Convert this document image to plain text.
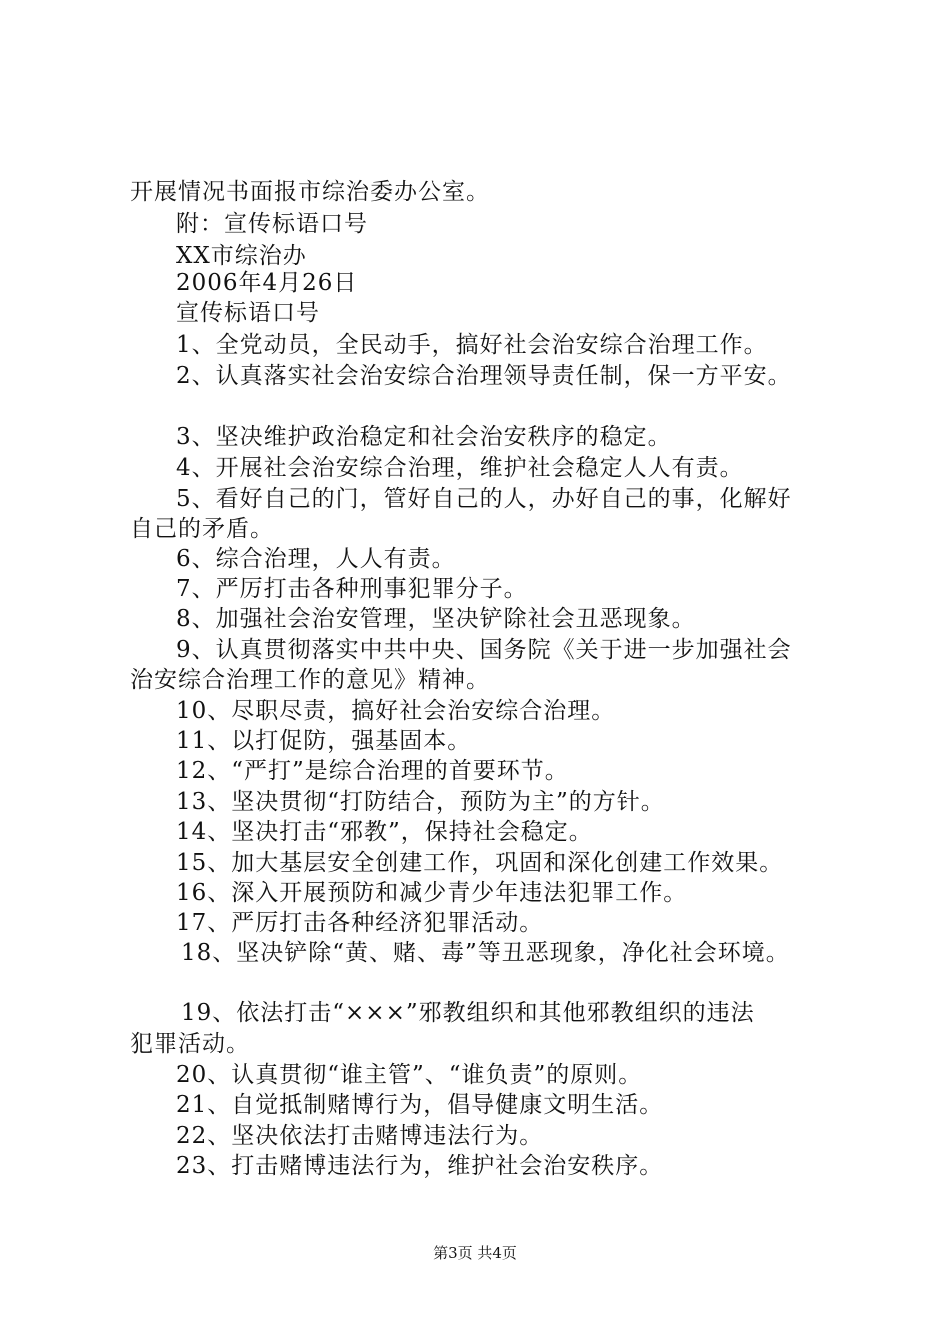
开展情况书面报市综治委办公室。
附：宣传标语口号
XX市综治办
2006年4月26日
宣传标语口号
1、全党动员，全民动手，搞好社会治安综合治理工作。
2、认真落实社会治安综合治理领导责任制，保一方平安。
3、坚决维护政治稳定和社会治安秩序的稳定。
4、开展社会治安综合治理，维护社会稳定人人有责。
5、看好自己的门，管好自己的人，办好自己的事，化解好
自己的矛盾。
6、综合治理，人人有责。
7、严厉打击各种刑事犯罪分子。
8、加强社会治安管理，坚决铲除社会丑恶现象。
9、认真贯彻落实中共中央、国务院《关于进一步加强社会
治安综合治理工作的意见》精神。
10、尽职尽责，搞好社会治安综合治理。
11、以打促防，强基固本。
12、“严打”是综合治理的首要环节。
13、坚决贯彻“打防结合，预防为主”的方针。
14、坚决打击“邪教”，保持社会稳定。
15、加大基层安全创建工作，巩固和深化创建工作效果。
16、深入开展预防和减少青少年违法犯罪工作。
17、严厉打击各种经济犯罪活动。
18、坚决铲除“黄、赌、毒”等丑恶现象，净化社会环境。
19、依法打击“×××”邪教组织和其他邪教组织的违法
犯罪活动。
20、认真贯彻“谁主管”、“谁负责”的原则。
21、自觉抵制赌博行为，倡导健康文明生活。
22、坚决依法打击赌博违法行为。
23、打击赌博违法行为，维护社会治安秩序。
第3页 共4页
